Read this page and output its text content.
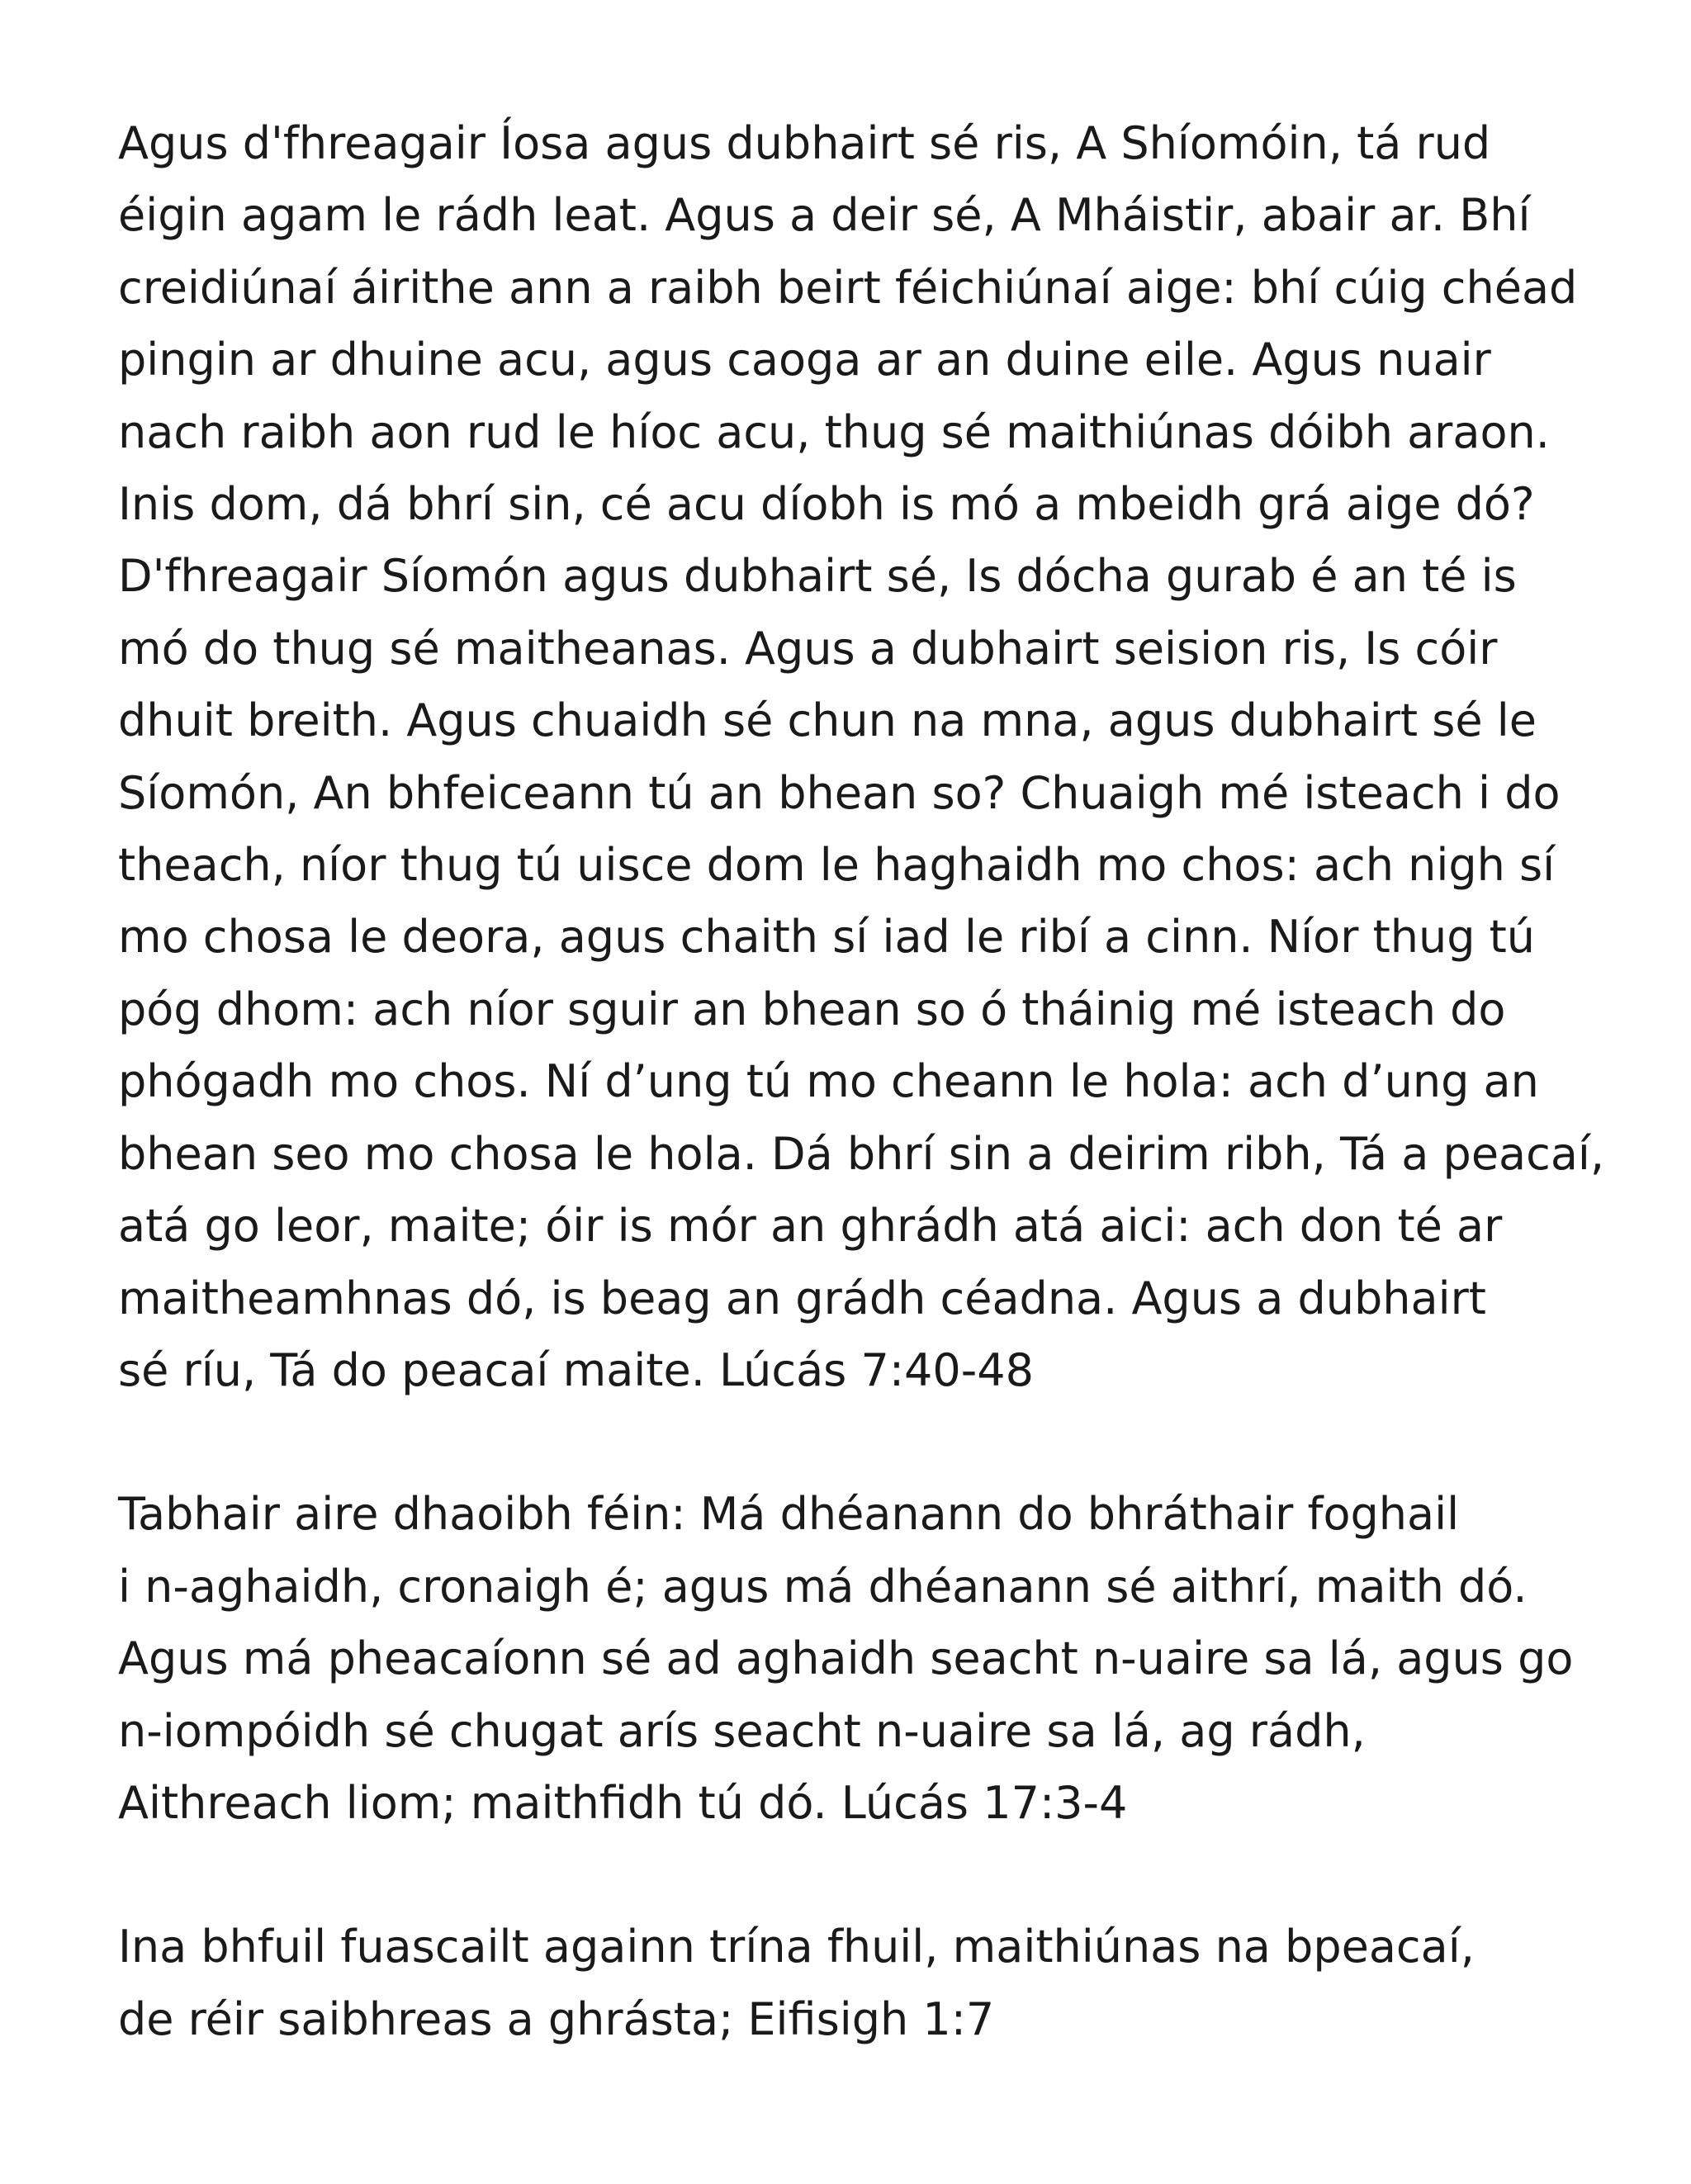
Agus d'fhreagair Íosa agus dubhairt sé ris, A Shíomóin, tá rud
éigin agam le rádh leat. Agus a deir sé, A Mháistir, abair ar. Bhí
creidiúnaí áirithe ann a raibh beirt féichiúnaí aige: bhí cúig chéad
pingin ar dhuine acu, agus caoga ar an duine eile. Agus nuair
nach raibh aon rud le híoc acu, thug sé maithiúnas dóibh araon.
Inis dom, dá bhrí sin, cé acu díobh is mó a mbeidh grá aige dó?
D'fhreagair Síomón agus dubhairt sé, Is dócha gurab é an té is
mó do thug sé maitheanas. Agus a dubhairt seision ris, Is cóir
dhuit breith. Agus chuaidh sé chun na mna, agus dubhairt sé le
Síomón, An bhfeiceann tú an bhean so? Chuaigh mé isteach i do
theach, níor thug tú uisce dom le haghaidh mo chos: ach nigh sí
mo chosa le deora, agus chaith sí iad le ribí a cinn. Níor thug tú
póg dhom: ach níor sguir an bhean so ó tháinig mé isteach do
phógadh mo chos. Ní d’ung tú mo cheann le hola: ach d’ung an
bhean seo mo chosa le hola. Dá bhrí sin a deirim ribh, Tá a peacaí,
atá go leor, maite; óir is mór an ghrádh atá aici: ach don té ar
maitheamhnas dó, is beag an grádh céadna. Agus a dubhairt
sé ríu, Tá do peacaí maite. Lúcás 7:40-48
Tabhair aire dhaoibh féin: Má dhéanann do bhráthair foghail
i n-aghaidh, cronaigh é; agus má dhéanann sé aithrí, maith dó.
Agus má pheacaíonn sé ad aghaidh seacht n-uaire sa lá, agus go
n-iompóidh sé chugat arís seacht n-uaire sa lá, ag rádh,
Aithreach liom; maithfidh tú dó. Lúcás 17:3-4
Ina bhfuil fuascailt againn trína fhuil, maithiúnas na bpeacaí,
de réir saibhreas a ghrásta; Eifisigh 1:7
